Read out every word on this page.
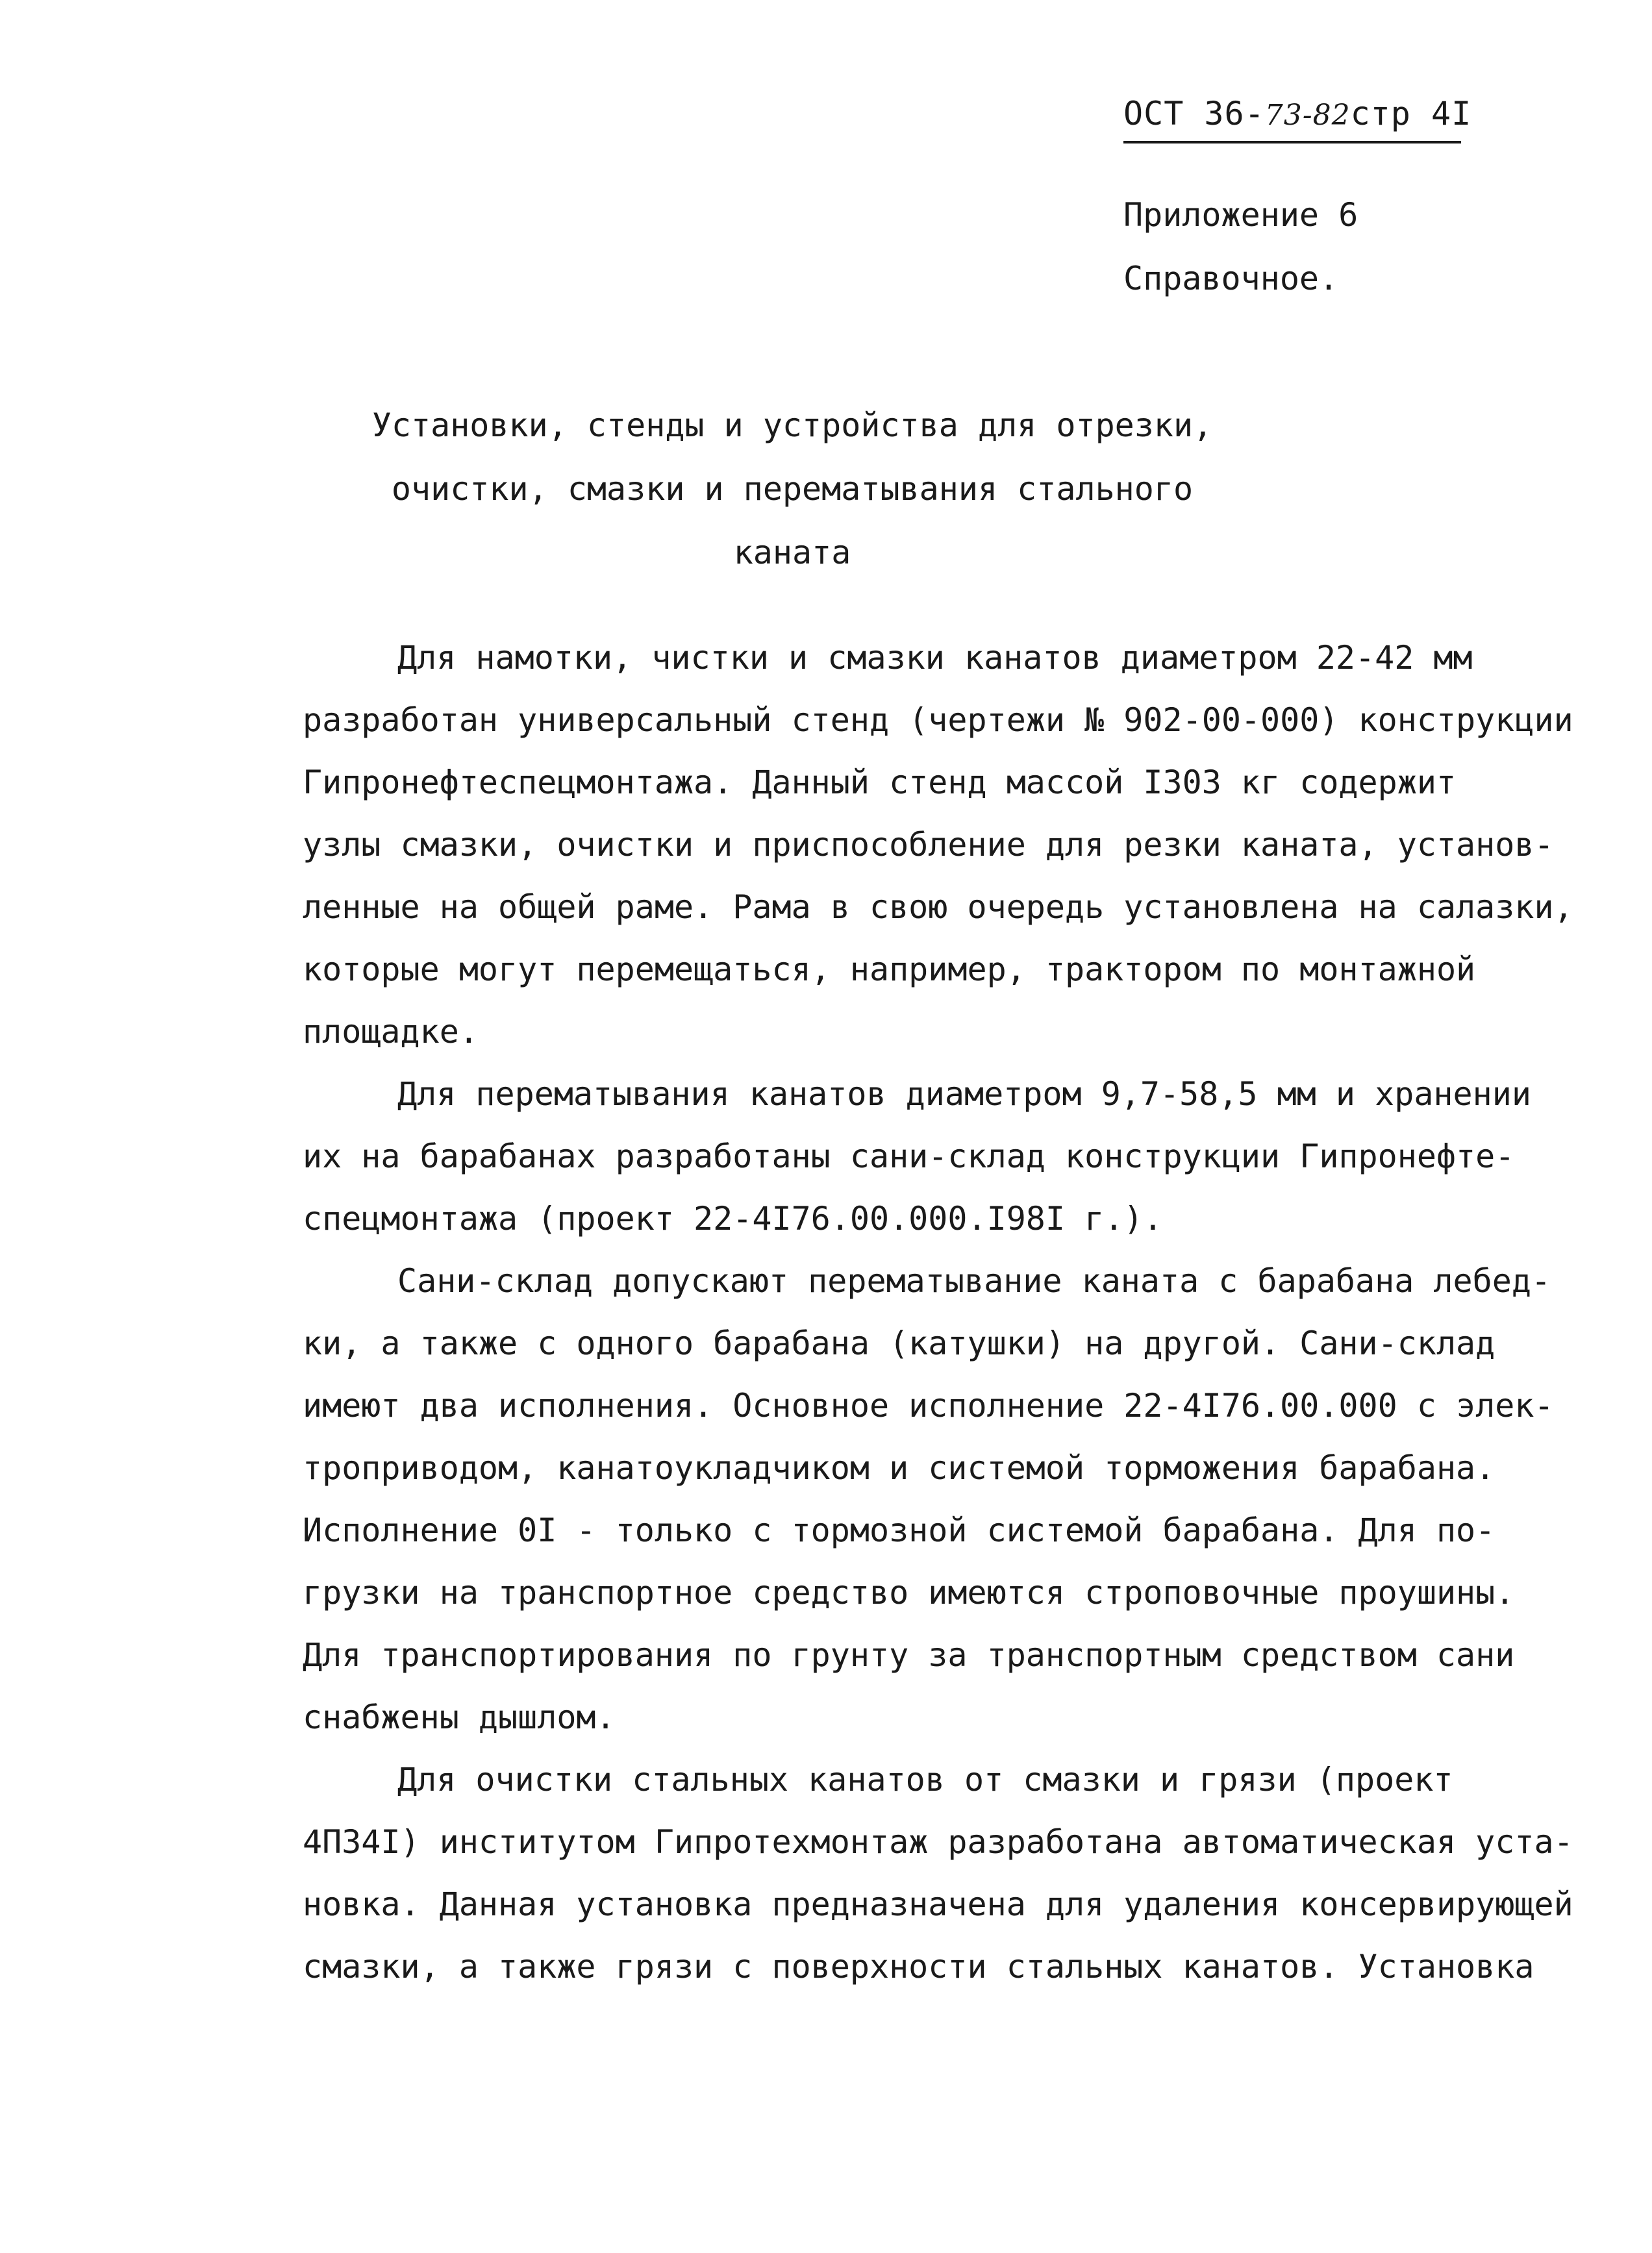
ОСТ 36-73-82стр 4I
Приложение 6
Справочное.
Установки, стенды и устройства для отрезки,
очистки, смазки и перематывания стального
каната
Для намотки, чистки и смазки канатов диаметром 22-42 мм
разработан универсальный стенд (чертежи № 902-00-000) конструкции
Гипронефтеспецмонтажа. Данный стенд массой I303 кг содержит
узлы смазки, очистки и приспособление для резки каната, установ-
ленные на общей раме. Рама в свою очередь установлена на салазки,
которые могут перемещаться, например, трактором по монтажной
площадке.
Для перематывания канатов диаметром 9,7-58,5 мм и хранении
их на барабанах разработаны сани-склад конструкции Гипронефте-
спецмонтажа (проект 22-4I76.00.000.I98I г.).
Сани-склад допускают перематывание каната с барабана лебед-
ки, а также с одного барабана (катушки) на другой. Сани-склад
имеют два исполнения. Основное исполнение 22-4I76.00.000 с элек-
троприводом, канатоукладчиком и системой торможения барабана.
Исполнение 0I - только с тормозной системой барабана. Для по-
грузки на транспортное средство имеются строповочные проушины.
Для транспортирования по грунту за транспортным средством сани
снабжены дышлом.
Для очистки стальных канатов от смазки и грязи (проект
4П34I) институтом Гипротехмонтаж разработана автоматическая уста-
новка. Данная установка предназначена для удаления консервирующей
смазки, а также грязи с поверхности стальных канатов. Установка
